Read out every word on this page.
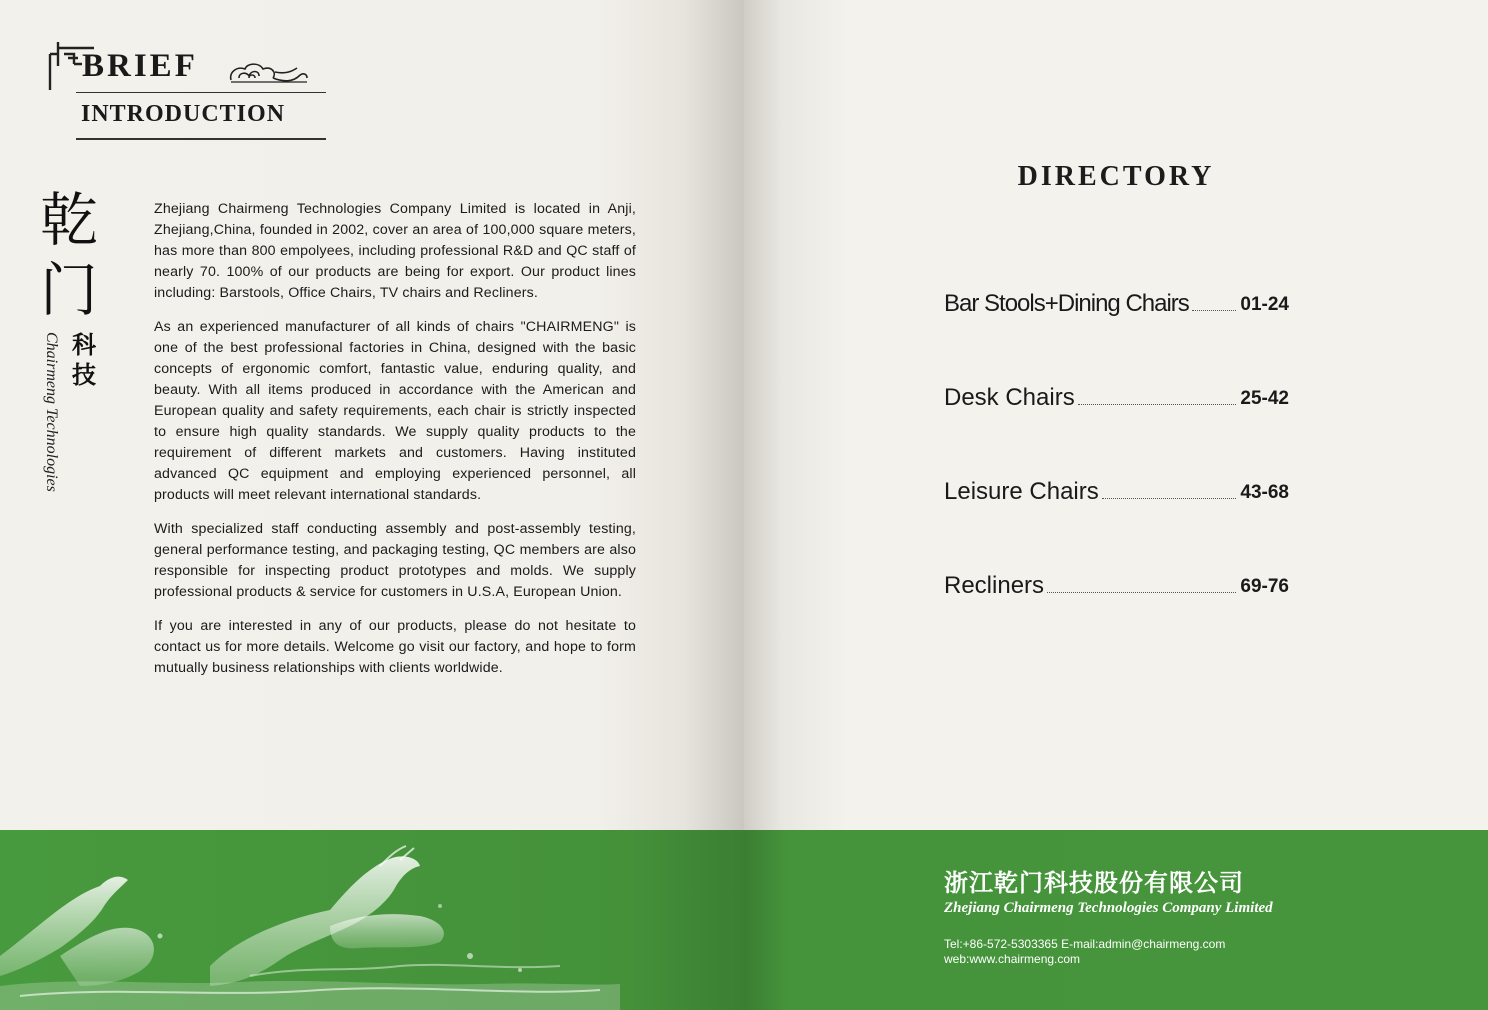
BRIEF
INTRODUCTION
乾
门
科
技
Chairmeng Technologies

Zhejiang Chairmeng Technologies Company Limited is located in Anji, Zhejiang,China, founded in 2002, cover an area of 100,000 square meters, has more than 800 empolyees, including professional R&D and QC staff of nearly 70. 100% of our products are being for export. Our product lines including: Barstools, Office Chairs, TV chairs and Recliners.

As an experienced manufacturer of all kinds of chairs "CHAIRMENG" is one of the best professional factories in China, designed with the basic concepts of ergonomic comfort, fantastic value, enduring quality, and beauty. With all items produced in accordance with the American and European quality and safety requirements, each chair is strictly inspected to ensure high quality standards. We supply quality products to the requirement of different markets and customers. Having instituted advanced QC equipment and employing experienced personnel, all products will meet relevant international standards.

With specialized staff conducting assembly and post-assembly testing, general performance testing, and packaging testing, QC members are also responsible for inspecting product prototypes and molds. We supply professional products & service for customers in U.S.A, European Union.

If you are interested in any of our products, please do not hesitate to contact us for more details. Welcome go visit our factory, and hope to form mutually business relationships with clients worldwide.

DIRECTORY
Bar Stools+Dining Chairs	01-24
Desk Chairs	25-42
Leisure Chairs	43-68
Recliners	69-76
浙江乾门科技股份有限公司
Zhejiang Chairmeng Technologies Company Limited
Tel:+86-572-5303365 E-mail:admin@chairmeng.com
web:www.chairmeng.com
